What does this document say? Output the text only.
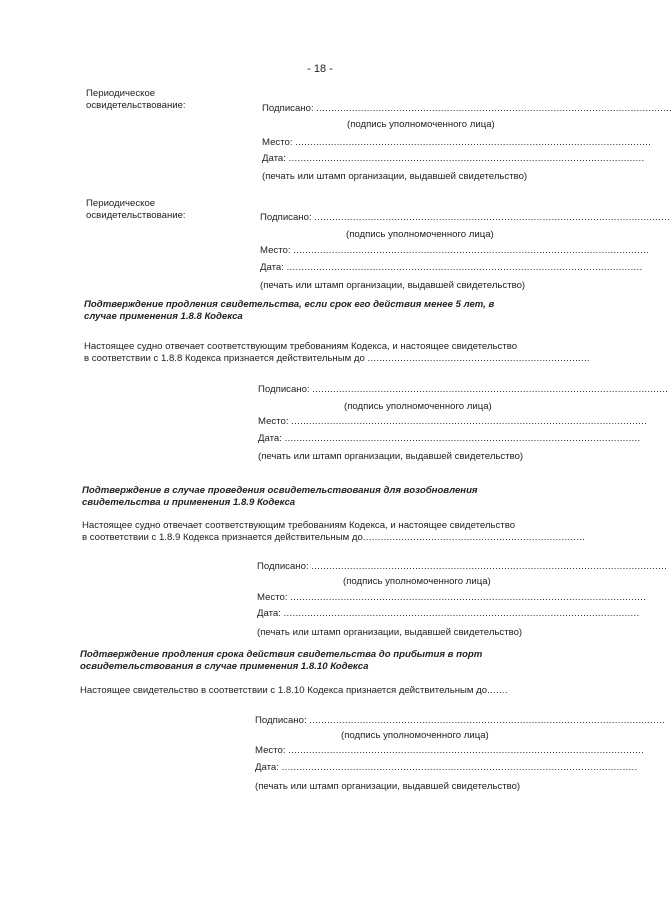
- 18 -
Периодическое
освидетельствование:	Подписано: ........................................................................................................................
(подпись уполномоченного лица)
Место: ........................................................................................................................
Дата: ........................................................................................................................
(печать или штамп организации, выдавшей свидетельство)
Периодическое
освидетельствование:	Подписано: ........................................................................................................................
(подпись уполномоченного лица)
Место: ........................................................................................................................
Дата: ........................................................................................................................
(печать или штамп организации, выдавшей свидетельство)
Подтверждение продления свидетельства, если срок его действия менее 5 лет, в
случае применения 1.8.8 Кодекса
Настоящее судно отвечает соответствующим требованиям Кодекса, и настоящее свидетельство
в соответствии с 1.8.8 Кодекса признается действительным до ...........................................................................
Подписано: ........................................................................................................................
(подпись уполномоченного лица)
Место: ........................................................................................................................
Дата: ........................................................................................................................
(печать или штамп организации, выдавшей свидетельство)
Подтверждение в случае проведения освидетельствования для возобновления
свидетельства и применения 1.8.9 Кодекса
Настоящее судно отвечает соответствующим требованиям Кодекса, и настоящее свидетельство
в соответствии с 1.8.9 Кодекса признается действительным до...........................................................................
Подписано: ........................................................................................................................
(подпись уполномоченного лица)
Место: ........................................................................................................................
Дата: ........................................................................................................................
(печать или штамп организации, выдавшей свидетельство)
Подтверждение продления срока действия свидетельства до прибытия в порт
освидетельствования в случае применения 1.8.10 Кодекса
Настоящее свидетельство в соответствии с 1.8.10 Кодекса признается действительным до.......
Подписано: ........................................................................................................................
(подпись уполномоченного лица)
Место: ........................................................................................................................
Дата: ........................................................................................................................
(печать или штамп организации, выдавшей свидетельство)
